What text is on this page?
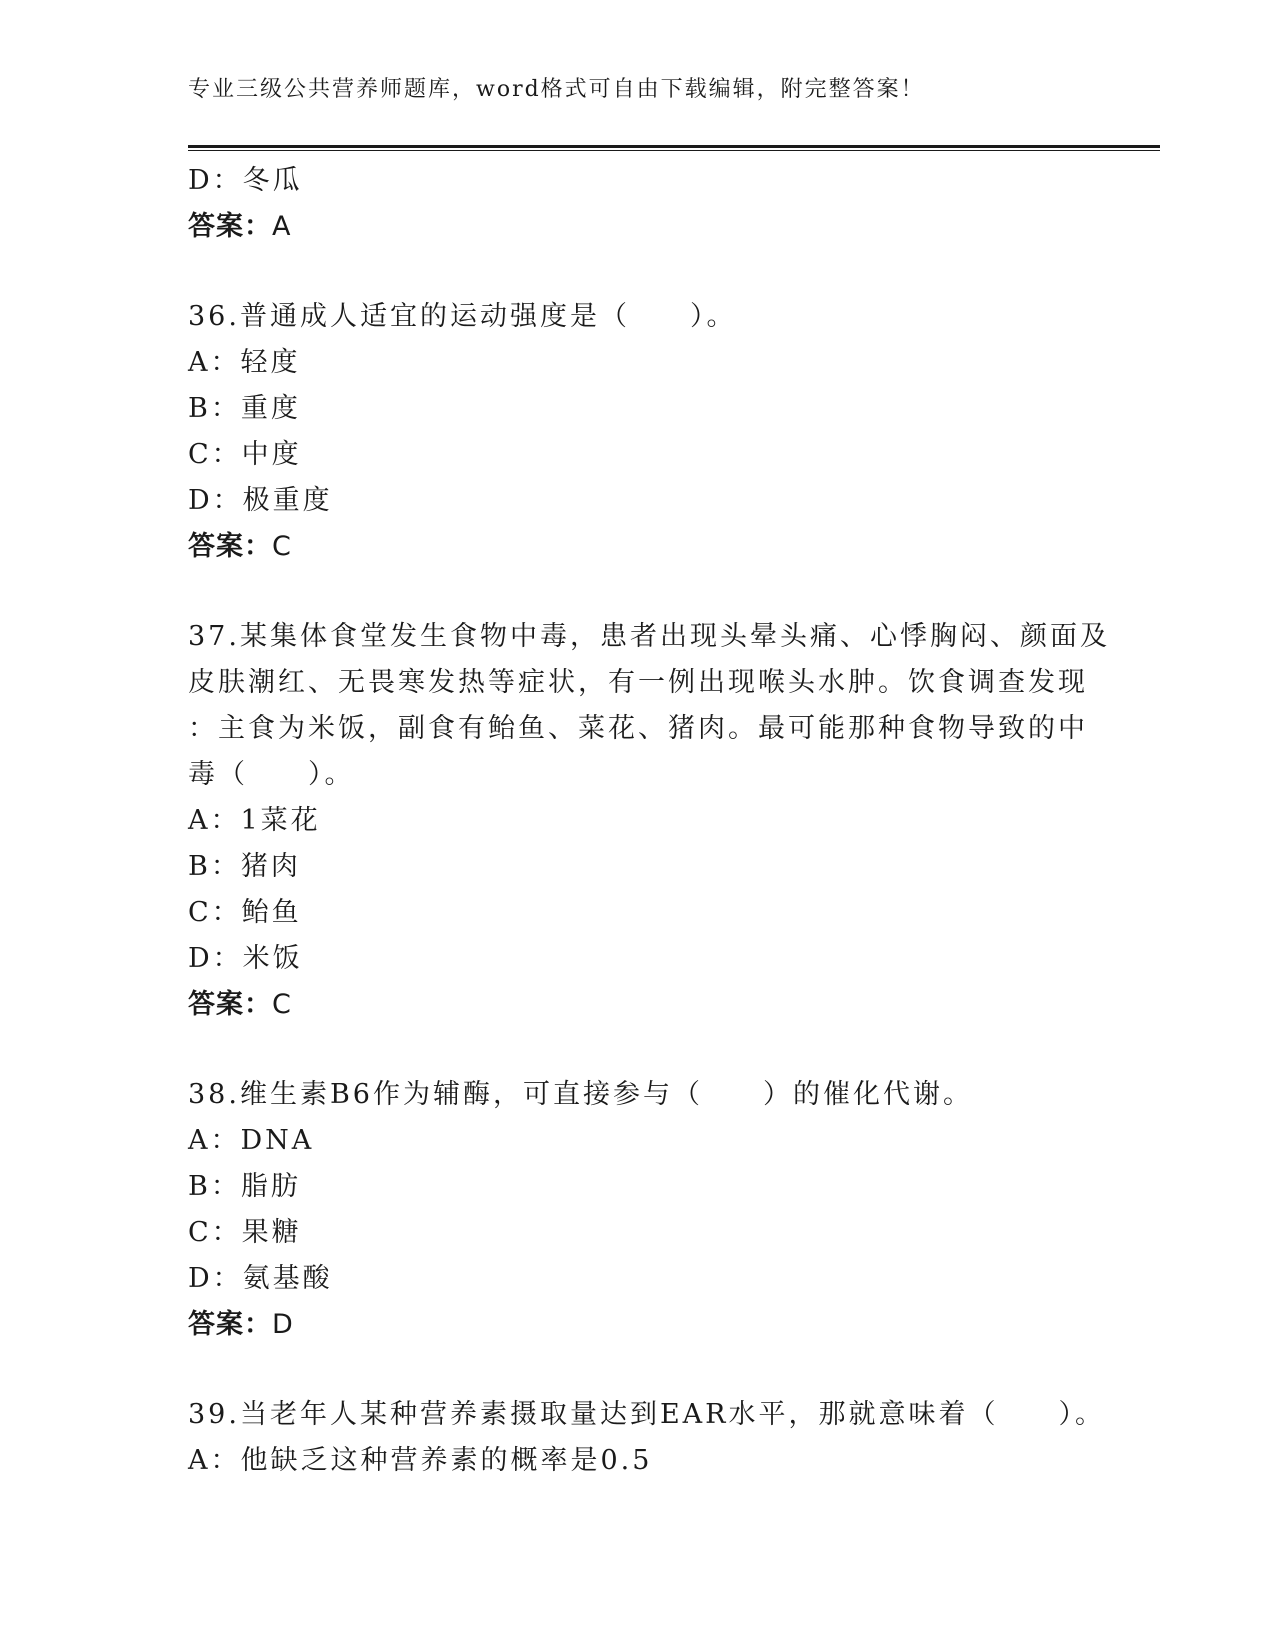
专业三级公共营养师题库，word格式可自由下载编辑，附完整答案！
D：冬瓜
答案：A
36.普通成人适宜的运动强度是（　　）。
A：轻度
B：重度
C：中度
D：极重度
答案：C
37.某集体食堂发生食物中毒，患者出现头晕头痛、心悸胸闷、颜面及
皮肤潮红、无畏寒发热等症状，有一例出现喉头水肿。饮食调查发现
：主食为米饭，副食有鲐鱼、菜花、猪肉。最可能那种食物导致的中
毒（　　）。
A：1菜花
B：猪肉
C：鲐鱼
D：米饭
答案：C
38.维生素B6作为辅酶，可直接参与（　　）的催化代谢。
A：DNA
B：脂肪
C：果糖
D：氨基酸
答案：D
39.当老年人某种营养素摄取量达到EAR水平，那就意味着（　　）。
A：他缺乏这种营养素的概率是0.5
